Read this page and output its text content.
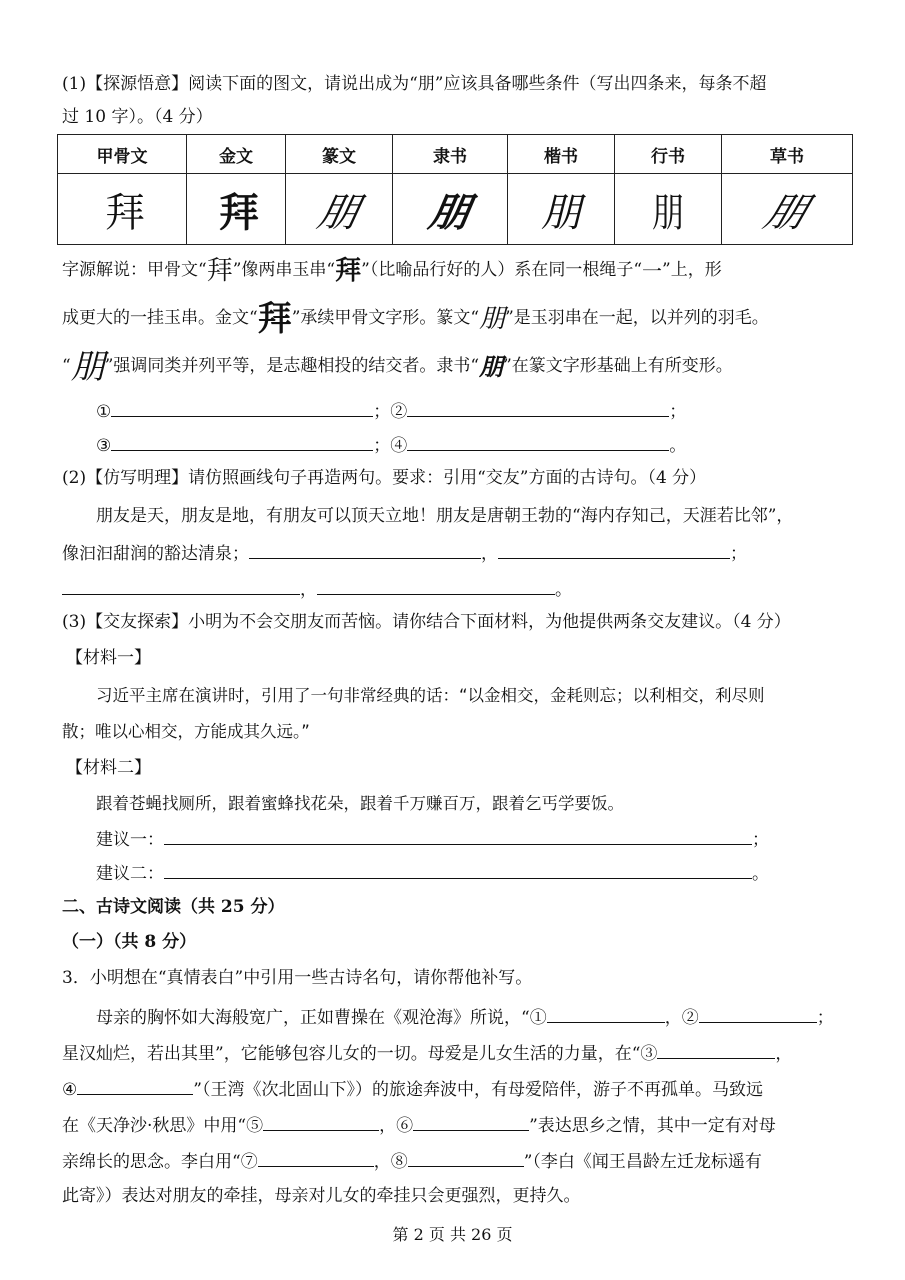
(1)【探源悟意】阅读下面的图文，请说出成为“朋”应该具备哪些条件（写出四条来，每条不超
过 10 字）。（4 分）
甲骨文	金文	篆文	隶书	楷书	行书	草书
拜	拜	朋	朋	朋	朋	朋
字源解说：甲骨文“拜”像两串玉串“拜”（比喻品行好的人）系在同一根绳子“一”上，形
成更大的一挂玉串。金文“拜”承续甲骨文字形。篆文“朋”是玉羽串在一起，以并列的羽毛。
“朋”强调同类并列平等，是志趣相投的结交者。隶书“朋”在篆文字形基础上有所变形。
①	；②	；
③	；④	。
(2)【仿写明理】请仿照画线句子再造两句。要求：引用“交友”方面的古诗句。（4 分）
朋友是天，朋友是地，有朋友可以顶天立地！朋友是唐朝王勃的“海内存知己，天涯若比邻”，
像汩汩甜润的豁达清泉；	，	；
，	。
(3)【交友探索】小明为不会交朋友而苦恼。请你结合下面材料，为他提供两条交友建议。（4 分）
【材料一】
习近平主席在演讲时，引用了一句非常经典的话：“以金相交，金耗则忘；以利相交，利尽则
散；唯以心相交，方能成其久远。”
【材料二】
跟着苍蝇找厕所，跟着蜜蜂找花朵，跟着千万赚百万，跟着乞丐学要饭。
建议一：	；
建议二：	。
二、古诗文阅读（共 25 分）
（一）（共 8 分）
3．小明想在“真情表白”中引用一些古诗名句，请你帮他补写。
母亲的胸怀如大海般宽广，正如曹操在《观沧海》所说，“①	，②	；
星汉灿烂，若出其里”，它能够包容儿女的一切。母爱是儿女生活的力量，在“③	，
④	”（王湾《次北固山下》）的旅途奔波中，有母爱陪伴，游子不再孤单。马致远
在《天净沙·秋思》中用“⑤	，⑥	”表达思乡之情，其中一定有对母
亲绵长的思念。李白用“⑦	，⑧	”（李白《闻王昌龄左迁龙标遥有
此寄》）表达对朋友的牵挂，母亲对儿女的牵挂只会更强烈，更持久。
第 2 页 共 26 页
